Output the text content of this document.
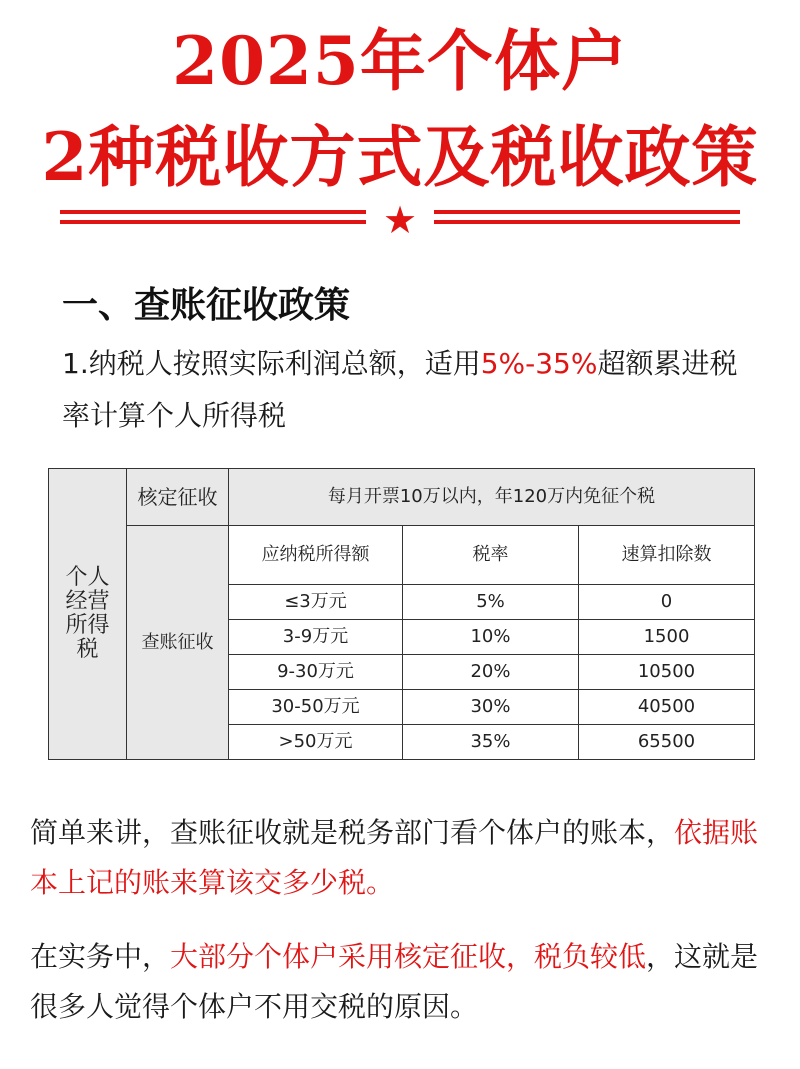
2025年个体户
2种税收方式及税收政策
★
一、查账征收政策

1.纳税人按照实际利润总额，适用5%-35%超额累进税率计算个人所得税

个人经营所得税	核定征收	每月开票10万以内，年120万内免征个税		
	查账征收	应纳税所得额	税率	速算扣除数
		≤3万元	5%	0
		3-9万元	10%	1500
		9-30万元	20%	10500
		30-50万元	30%	40500
		>50万元	35%	65500

简单来讲，查账征收就是税务部门看个体户的账本，依据账本上记的账来算该交多少税。

在实务中，大部分个体户采用核定征收，税负较低，这就是很多人觉得个体户不用交税的原因。
